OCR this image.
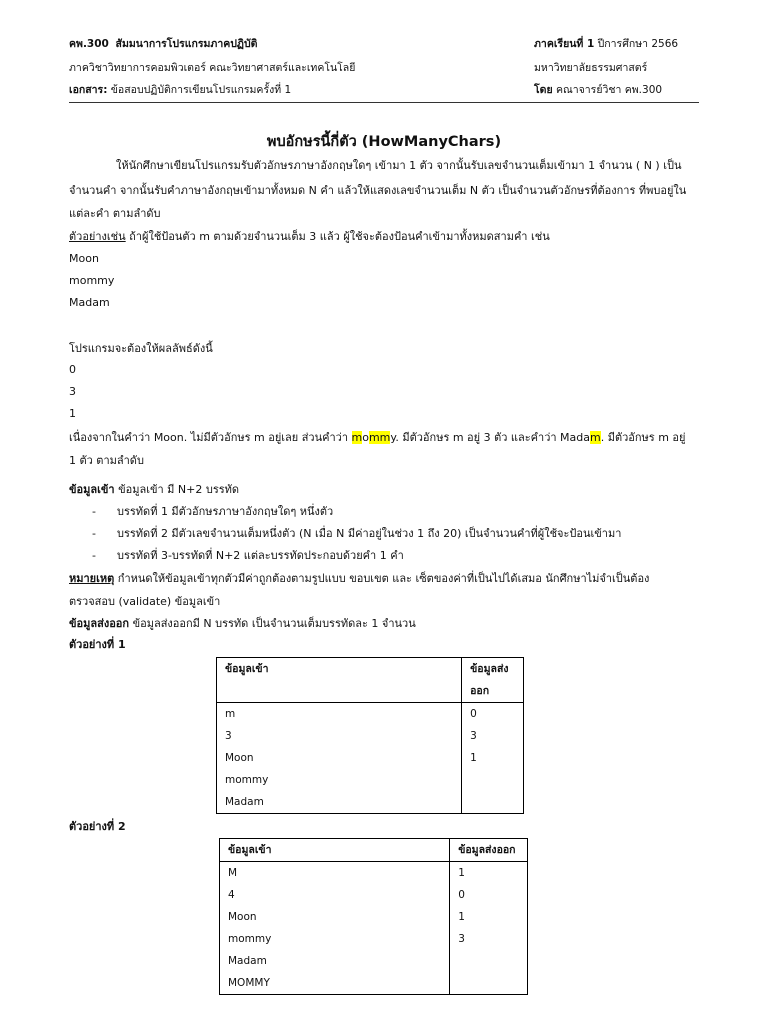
คพ.300 สัมมนาการโปรแกรมภาคปฏิบัติ	ภาคเรียนที่ 1 ปีการศึกษา 2566
ภาควิชาวิทยาการคอมพิวเตอร์ คณะวิทยาศาสตร์และเทคโนโลยี	มหาวิทยาลัยธรรมศาสตร์
เอกสาร: ข้อสอบปฏิบัติการเขียนโปรแกรมครั้งที่ 1	โดย คณาจารย์วิชา คพ.300
พบอักษรนี้กี่ตัว (HowManyChars)
ให้นักศึกษาเขียนโปรแกรมรับตัวอักษรภาษาอังกฤษใดๆ เข้ามา 1 ตัว จากนั้นรับเลขจำนวนเต็มเข้ามา 1 จำนวน ( N ) เป็น
จำนวนคำ จากนั้นรับคำภาษาอังกฤษเข้ามาทั้งหมด N คำ แล้วให้แสดงเลขจำนวนเต็ม N ตัว เป็นจำนวนตัวอักษรที่ต้องการ ที่พบอยู่ใน
แต่ละคำ ตามลำดับ
ตัวอย่างเช่น ถ้าผู้ใช้ป้อนตัว m ตามด้วยจำนวนเต็ม 3 แล้ว ผู้ใช้จะต้องป้อนคำเข้ามาทั้งหมดสามคำ เช่น
Moon
mommy
Madam
โปรแกรมจะต้องให้ผลลัพธ์ดังนี้
0
3
1
เนื่องจากในคำว่า Moon. ไม่มีตัวอักษร m อยู่เลย ส่วนคำว่า mommy. มีตัวอักษร m อยู่ 3 ตัว และคำว่า Madam. มีตัวอักษร m อยู่
1 ตัว ตามลำดับ
ข้อมูลเข้า ข้อมูลเข้า มี N+2 บรรทัด
- บรรทัดที่ 1 มีตัวอักษรภาษาอังกฤษใดๆ หนึ่งตัว
- บรรทัดที่ 2 มีตัวเลขจำนวนเต็มหนึ่งตัว (N เมื่อ N มีค่าอยู่ในช่วง 1 ถึง 20) เป็นจำนวนคำที่ผู้ใช้จะป้อนเข้ามา
- บรรทัดที่ 3-บรรทัดที่ N+2 แต่ละบรรทัดประกอบด้วยคำ 1 คำ
หมายเหตุ กำหนดให้ข้อมูลเข้าทุกตัวมีค่าถูกต้องตามรูปแบบ ขอบเขต และ เซ็ตของค่าที่เป็นไปได้เสมอ นักศึกษาไม่จำเป็นต้อง
ตรวจสอบ (validate) ข้อมูลเข้า
ข้อมูลส่งออก ข้อมูลส่งออกมี N บรรทัด เป็นจำนวนเต็มบรรทัดละ 1 จำนวน
ตัวอย่างที่ 1
ข้อมูลเข้า	ข้อมูลส่งออก
m	0
3	3
Moon	1
mommy	
Madam	
ตัวอย่างที่ 2
ข้อมูลเข้า	ข้อมูลส่งออก
M	1
4	0
Moon	1
mommy	3
Madam	
MOMMY	
